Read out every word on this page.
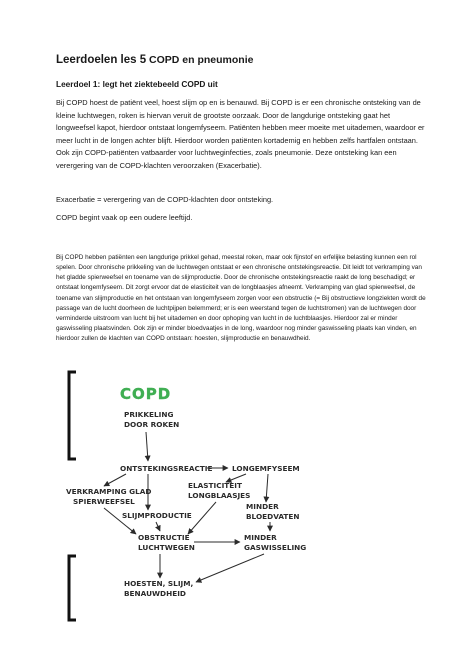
Leerdoelen les 5 COPD en pneumonie
Leerdoel 1: legt het ziektebeeld COPD uit
Bij COPD hoest de patiënt veel, hoest slijm op en is benauwd. Bij COPD is er een chronische ontsteking van de kleine luchtwegen, roken is hiervan veruit de grootste oorzaak. Door de langdurige ontsteking gaat het longweefsel kapot, hierdoor ontstaat longemfyseem. Patiënten hebben meer moeite met uitademen, waardoor er meer lucht in de longen achter blijft. Hierdoor worden patiënten kortademig en hebben zelfs hartfalen ontstaan. Ook zijn COPD-patiënten vatbaarder voor luchtweginfecties, zoals pneumonie. Deze ontsteking kan een verergering van de COPD-klachten veroorzaken (Exacerbatie).
Exacerbatie = verergering van de COPD-klachten door ontsteking.
COPD begint vaak op een oudere leeftijd.
Bij COPD hebben patiënten een langdurige prikkel gehad, meestal roken, maar ook fijnstof en erfelijke belasting kunnen een rol spelen. Door chronische prikkeling van de luchtwegen ontstaat er een chronische ontstekingsreactie. Dit leidt tot verkramping van het gladde spierweefsel en toename van de slijmproductie. Door de chronische ontstekingsreactie raakt de long beschadigd; er ontstaat longemfyseem. Dit zorgt ervoor dat de elasticiteit van de longblaasjes afneemt. Verkramping van glad spierweefsel, de toename van slijmproductie en het ontstaan van longemfyseem zorgen voor een obstructie (= Bij obstructieve longziekten wordt de passage van de lucht doorheen de luchtpijpen belemmerd; er is een weerstand tegen de luchtstromen) van de luchtwegen door verminderde uitstroom van lucht bij het uitademen en door ophoping van lucht in de luchtblaasjes. Hierdoor zal er minder gaswisseling plaatsvinden. Ook zijn er minder bloedvaatjes in de long, waardoor nog minder gaswisseling plaats kan vinden, en hierdoor zullen de klachten van COPD ontstaan: hoesten, slijmproductie en benauwdheid.
COPD
PRIKKELING
DOOR ROKEN
ONTSTEKINGSREACTIE	LONGEMFYSEEM
ELASTICITEIT
LONGBLAASJES
VERKRAMPING GLAD
SPIERWEEFSEL
SLIJMPRODUCTIE
MINDER
BLOEDVATEN
OBSTRUCTIE
LUCHTWEGEN
MINDER
GASWISSELING
HOESTEN, SLIJM,
BENAUWDHEID
